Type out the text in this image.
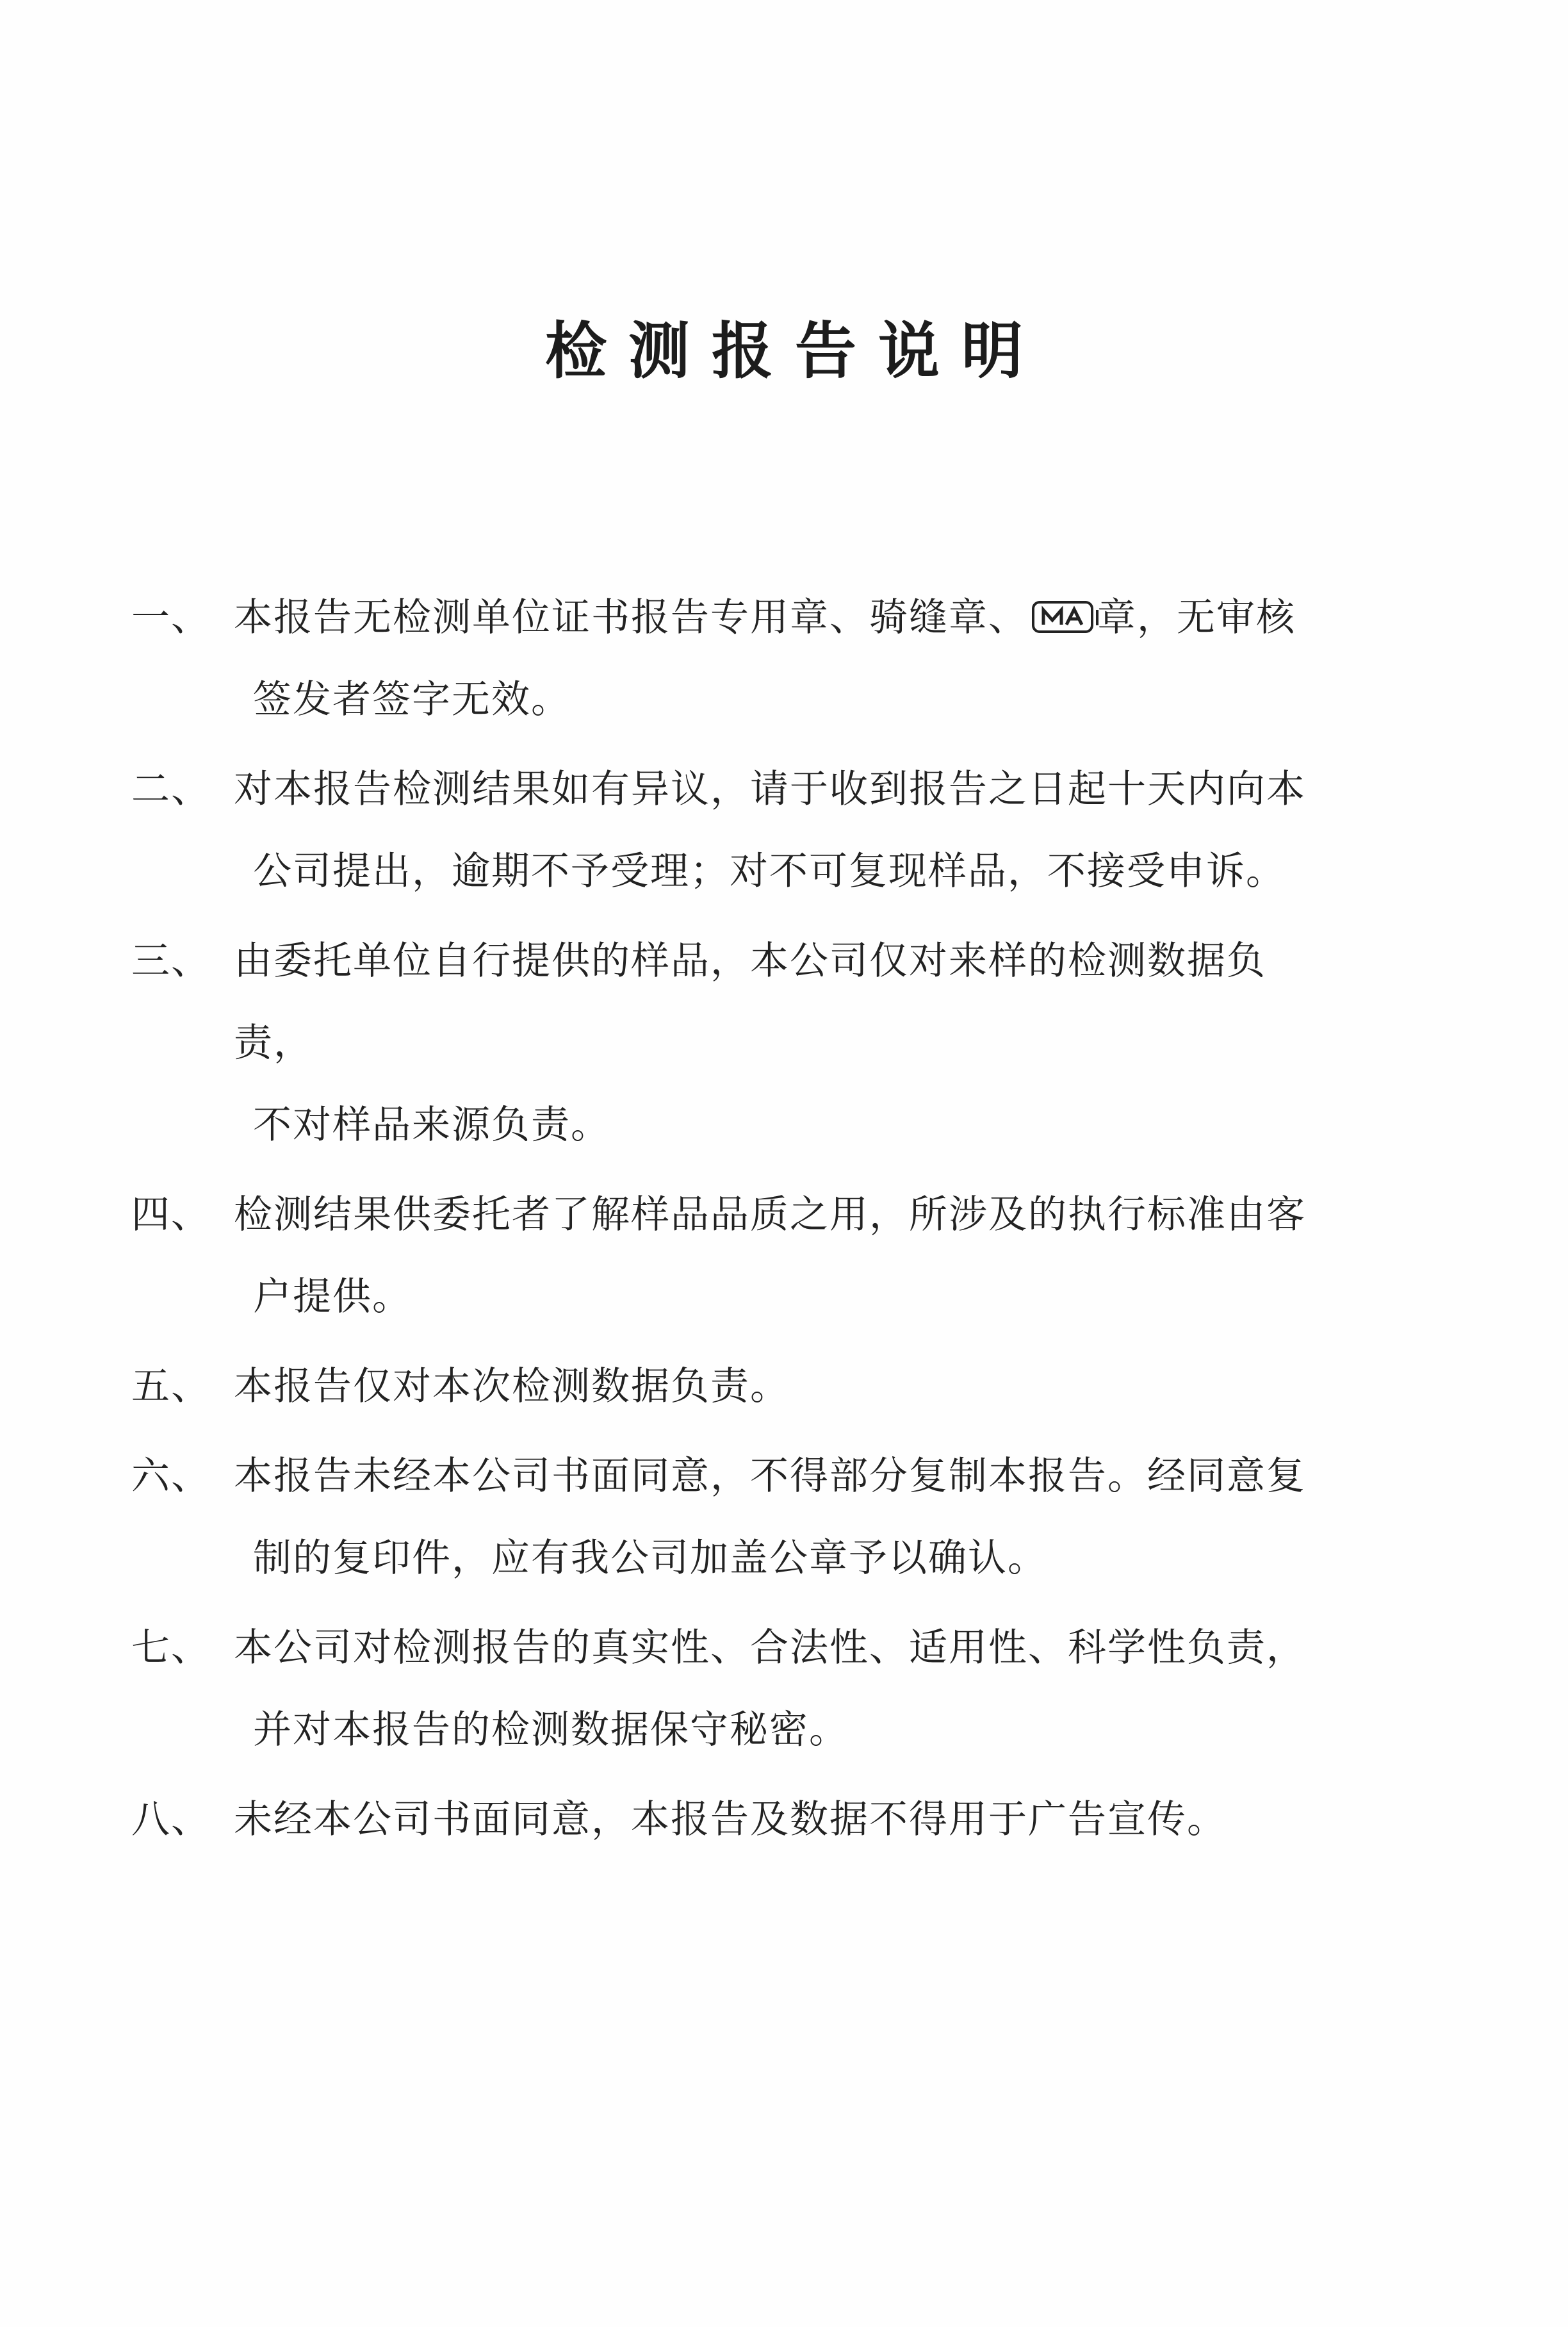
检测报告说明
一、 本报告无检测单位证书报告专用章、骑缝章、 章，无审核
签发者签字无效。
二、 对本报告检测结果如有异议，请于收到报告之日起十天内向本
公司提出，逾期不予受理；对不可复现样品，不接受申诉。
三、 由委托单位自行提供的样品，本公司仅对来样的检测数据负责，
不对样品来源负责。
四、 检测结果供委托者了解样品品质之用，所涉及的执行标准由客
户提供。
五、 本报告仅对本次检测数据负责。
六、 本报告未经本公司书面同意，不得部分复制本报告。经同意复
制的复印件，应有我公司加盖公章予以确认。
七、 本公司对检测报告的真实性、合法性、适用性、科学性负责，
并对本报告的检测数据保守秘密。
八、 未经本公司书面同意，本报告及数据不得用于广告宣传。
